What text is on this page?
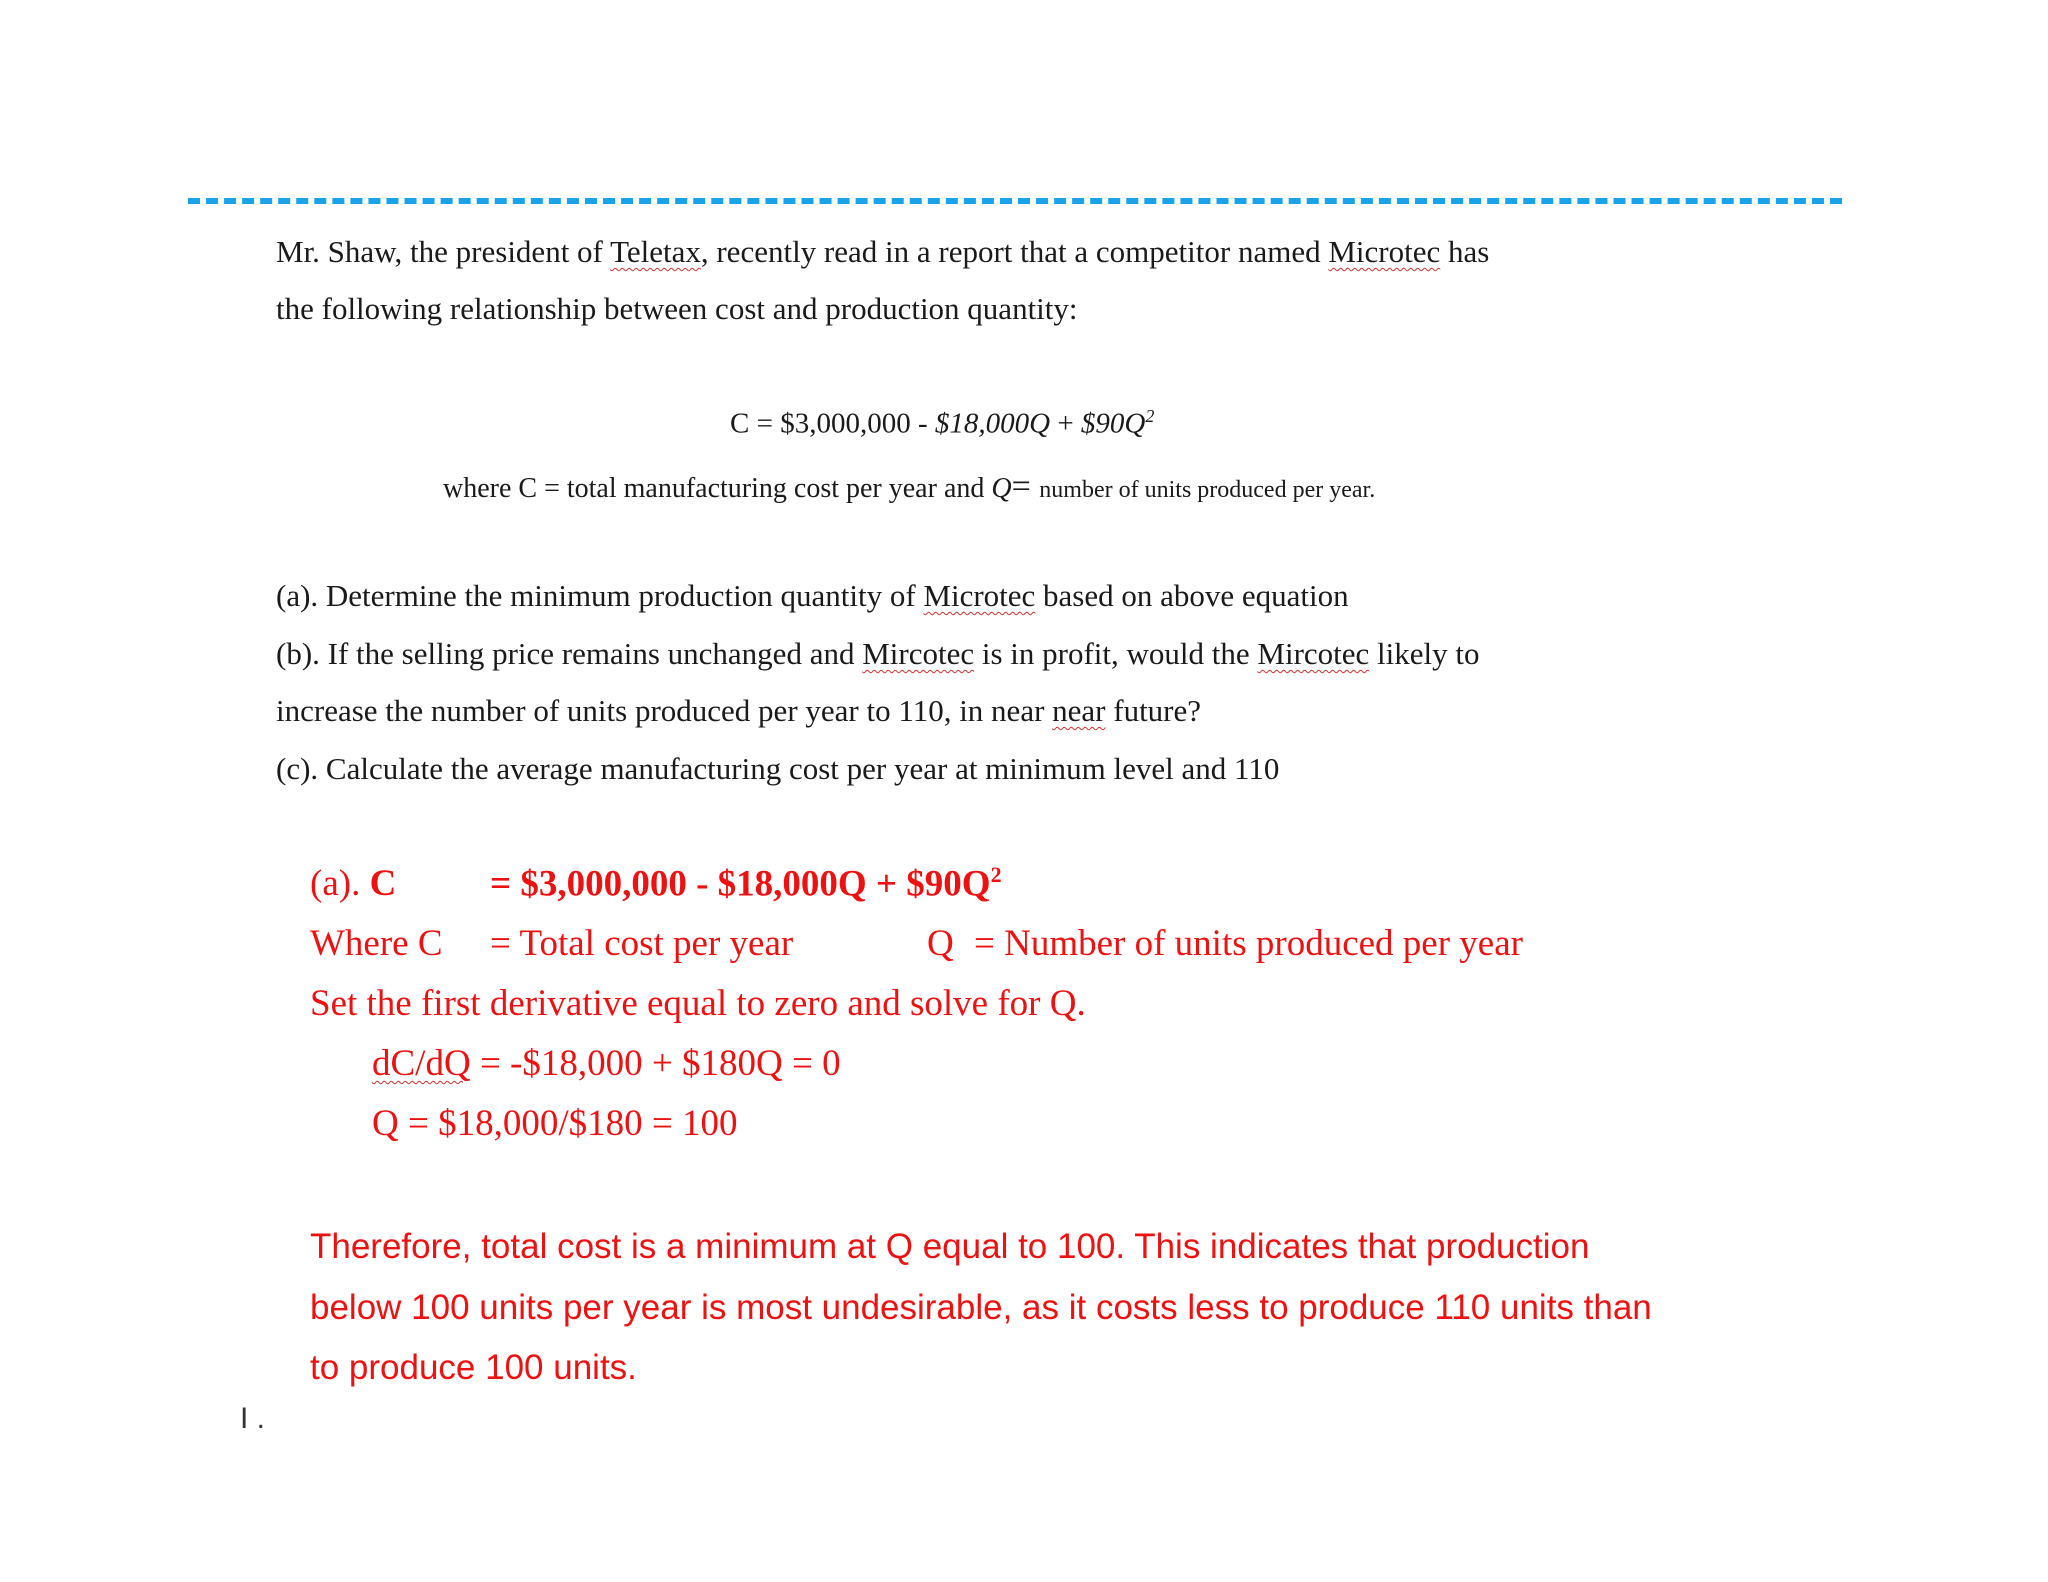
Mr. Shaw, the president of Teletax, recently read in a report that a competitor named Microtec has
the following relationship between cost and production quantity:
C = $3,000,000 - $18,000Q + $\$90Q^2$
where C = total manufacturing cost per year and Q= number of units produced per year.
(a). Determine the minimum production quantity of Microtec based on above equation
(b). If the selling price remains unchanged and Mircotec is in profit, would the Mircotec likely to
increase the number of units produced per year to 110, in near near future?
(c). Calculate the average manufacturing cost per year at minimum level and 110
(a). C	= $3,000,000 - $18,000Q + $\$90Q^2$
Where C = Total cost per year	Q = Number of units produced per year
Set the first derivative equal to zero and solve for Q.
dC/dQ = -$18,000 + $180Q = 0
Q = $18,000/$180 = 100
Therefore, total cost is a minimum at Q equal to 100. This indicates that production
below 100 units per year is most undesirable, as it costs less to produce 110 units than
to produce 100 units.
I .
